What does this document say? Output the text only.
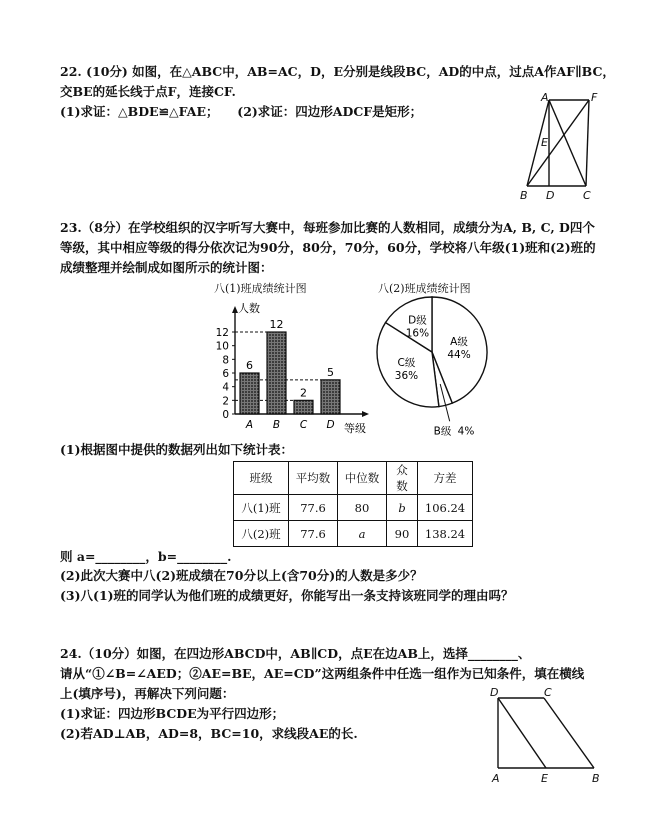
22. (10分) 如图，在△ABC中，AB=AC，D，E分别是线段BC，AD的中点，过点A作AF∥BC，
交BE的延长线于点F，连接CF.
(1)求证：△BDE≌△FAE；　　(2)求证：四边形ADCF是矩形；
A	F
E
B D	C
23.（8分）在学校组织的汉字听写大赛中，每班参加比赛的人数相同，成绩分为A, B, C, D四个
等级，其中相应等级的得分依次记为90分，80分，70分，60分，学校将八年级(1)班和(2)班的
成绩整理并绘制成如图所示的统计图：
八(1)班成绩统计图	八(2)班成绩统计图
人数
等级
0
2
4
6
8
10
12
6
A
12
B
2
C
5
D
A级
44%
C级
36%
D级
16%
B级 4%
(1)根据图中提供的数据列出如下统计表：
班级	平均数	中位数	众数	方差
八(1)班	77.6	80	b	106.24
八(2)班	77.6	a	90	138.24
则 a=________，b=________.
(2)此次大赛中八(2)班成绩在70分以上(含70分)的人数是多少？
(3)八(1)班的同学认为他们班的成绩更好，你能写出一条支持该班同学的理由吗？
24.（10分）如图，在四边形ABCD中，AB∥CD，点E在边AB上，选择________、
请从“①∠B=∠AED；②AE=BE，AE=CD”这两组条件中任选一组作为已知条件，填在横线
上(填序号)，再解决下列问题：
(1)求证：四边形BCDE为平行四边形；
(2)若AD⊥AB，AD=8，BC=10，求线段AE的长.
D	C
A	E	B
